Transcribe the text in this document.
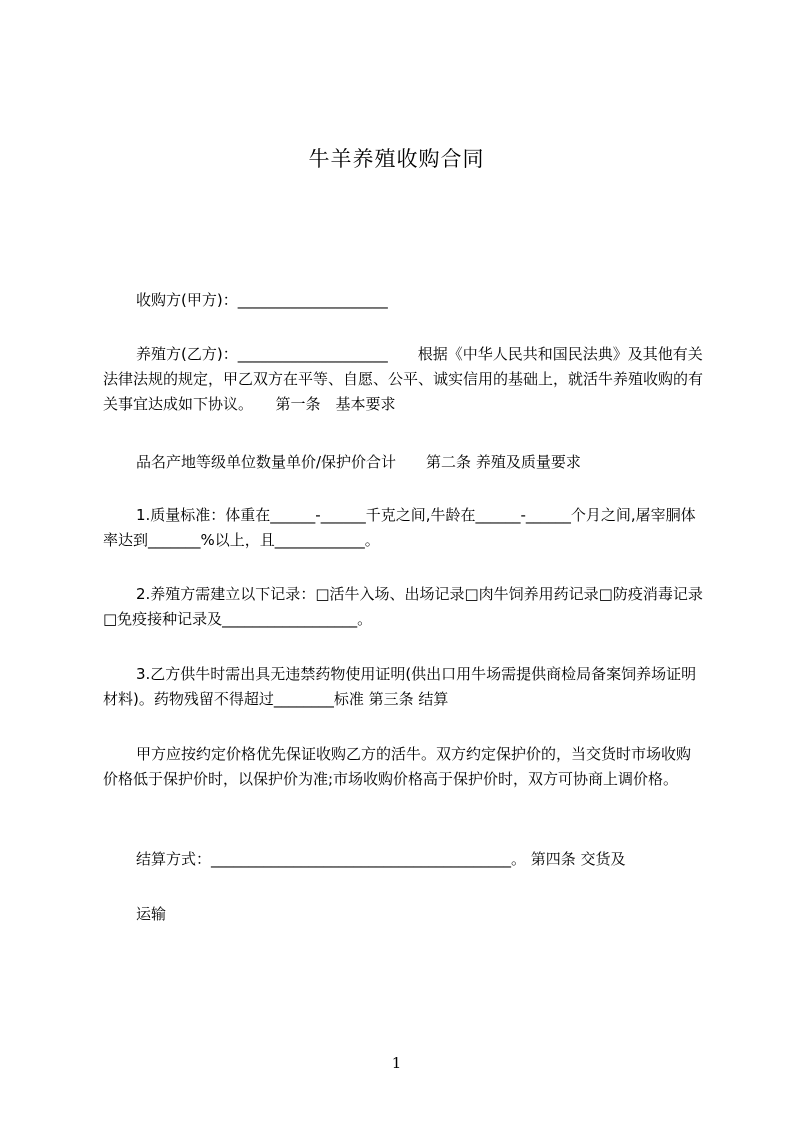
牛羊养殖收购合同

收购方(甲方)：____________________

养殖方(乙方)：____________________　　根据《中华人民共和国民法典》及其他有关法律法规的规定，甲乙双方在平等、自愿、公平、诚实信用的基础上，就活牛养殖收购的有关事宜达成如下协议。　　第一条　基本要求

品名产地等级单位数量单价/保护价合计　　第二条 养殖及质量要求

1.质量标准：体重在______-______千克之间,牛龄在______-______个月之间,屠宰胴体率达到_______%以上，且____________。

2.养殖方需建立以下记录：□活牛入场、出场记录□肉牛饲养用药记录□防疫消毒记录□免疫接种记录及__________________。

3.乙方供牛时需出具无违禁药物使用证明(供出口用牛场需提供商检局备案饲养场证明材料)。药物残留不得超过________标准 第三条 结算

甲方应按约定价格优先保证收购乙方的活牛。双方约定保护价的，当交货时市场收购价格低于保护价时，以保护价为准;市场收购价格高于保护价时，双方可协商上调价格。

结算方式：________________________________________。 第四条 交货及

运输

1
